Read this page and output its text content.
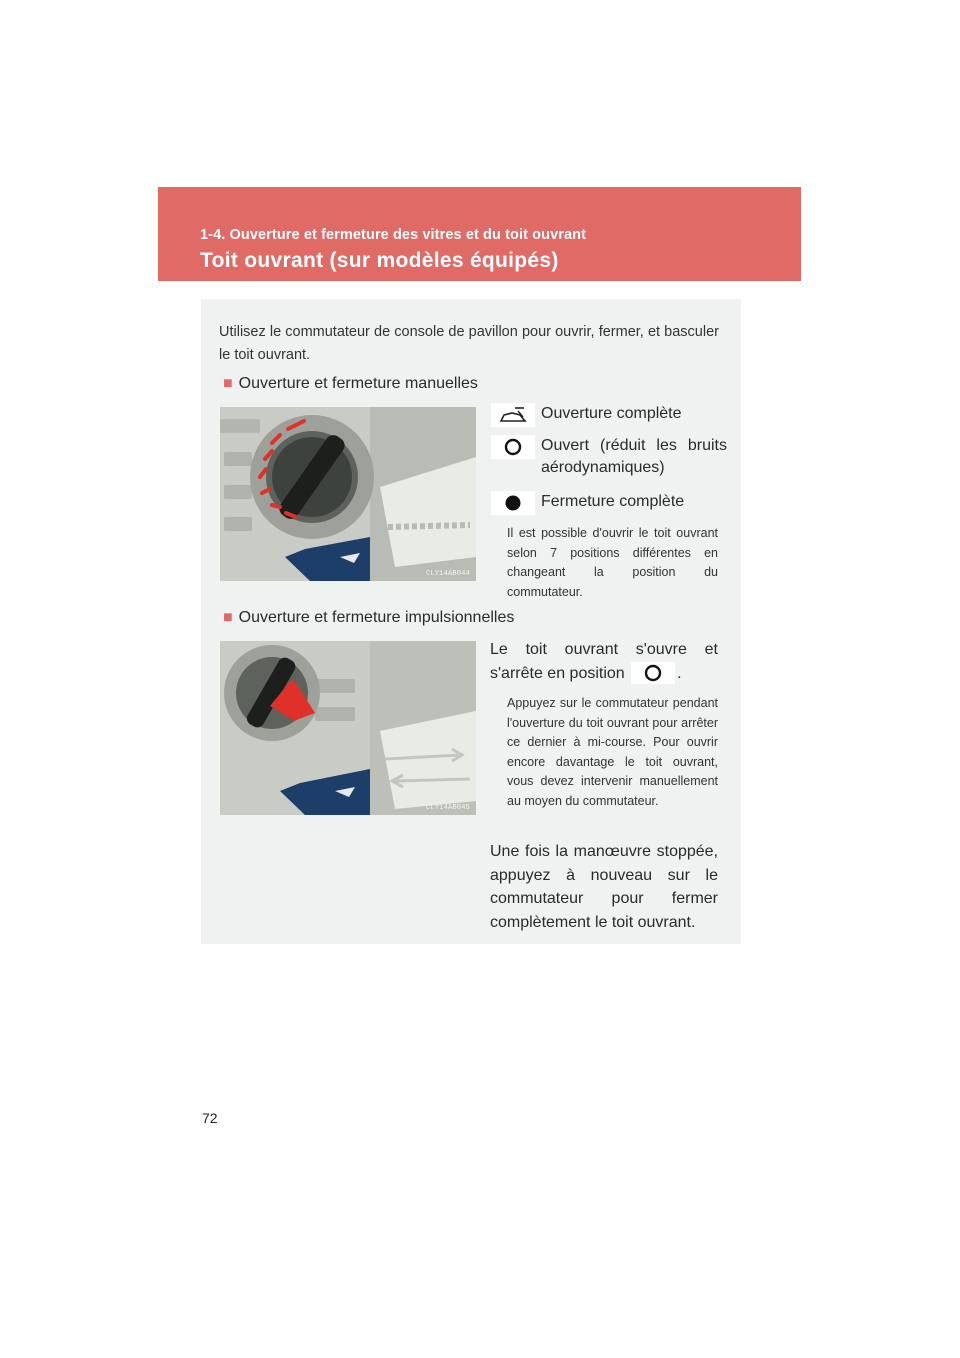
1-4. Ouverture et fermeture des vitres et du toit ouvrant
Toit ouvrant (sur modèles équipés)
Utilisez le commutateur de console de pavillon pour ouvrir, fermer, et basculer le toit ouvrant.
■ Ouverture et fermeture manuelles
CLY14AB044
Ouverture complète
Ouvert (réduit les bruits aérodynamiques)
Fermeture complète
Il est possible d'ouvrir le toit ouvrant selon 7 positions différentes en changeant la position du commutateur.
■ Ouverture et fermeture impulsionnelles
CLY14AB045
Le toit ouvrant s'ouvre et s'arrête en position	.
Appuyez sur le commutateur pendant l'ouverture du toit ouvrant pour arrêter ce dernier à mi-course. Pour ouvrir encore davantage le toit ouvrant, vous devez intervenir manuellement au moyen du commutateur.
Une fois la manœuvre stoppée, appuyez à nouveau sur le commutateur pour fermer complètement le toit ouvrant.
72
